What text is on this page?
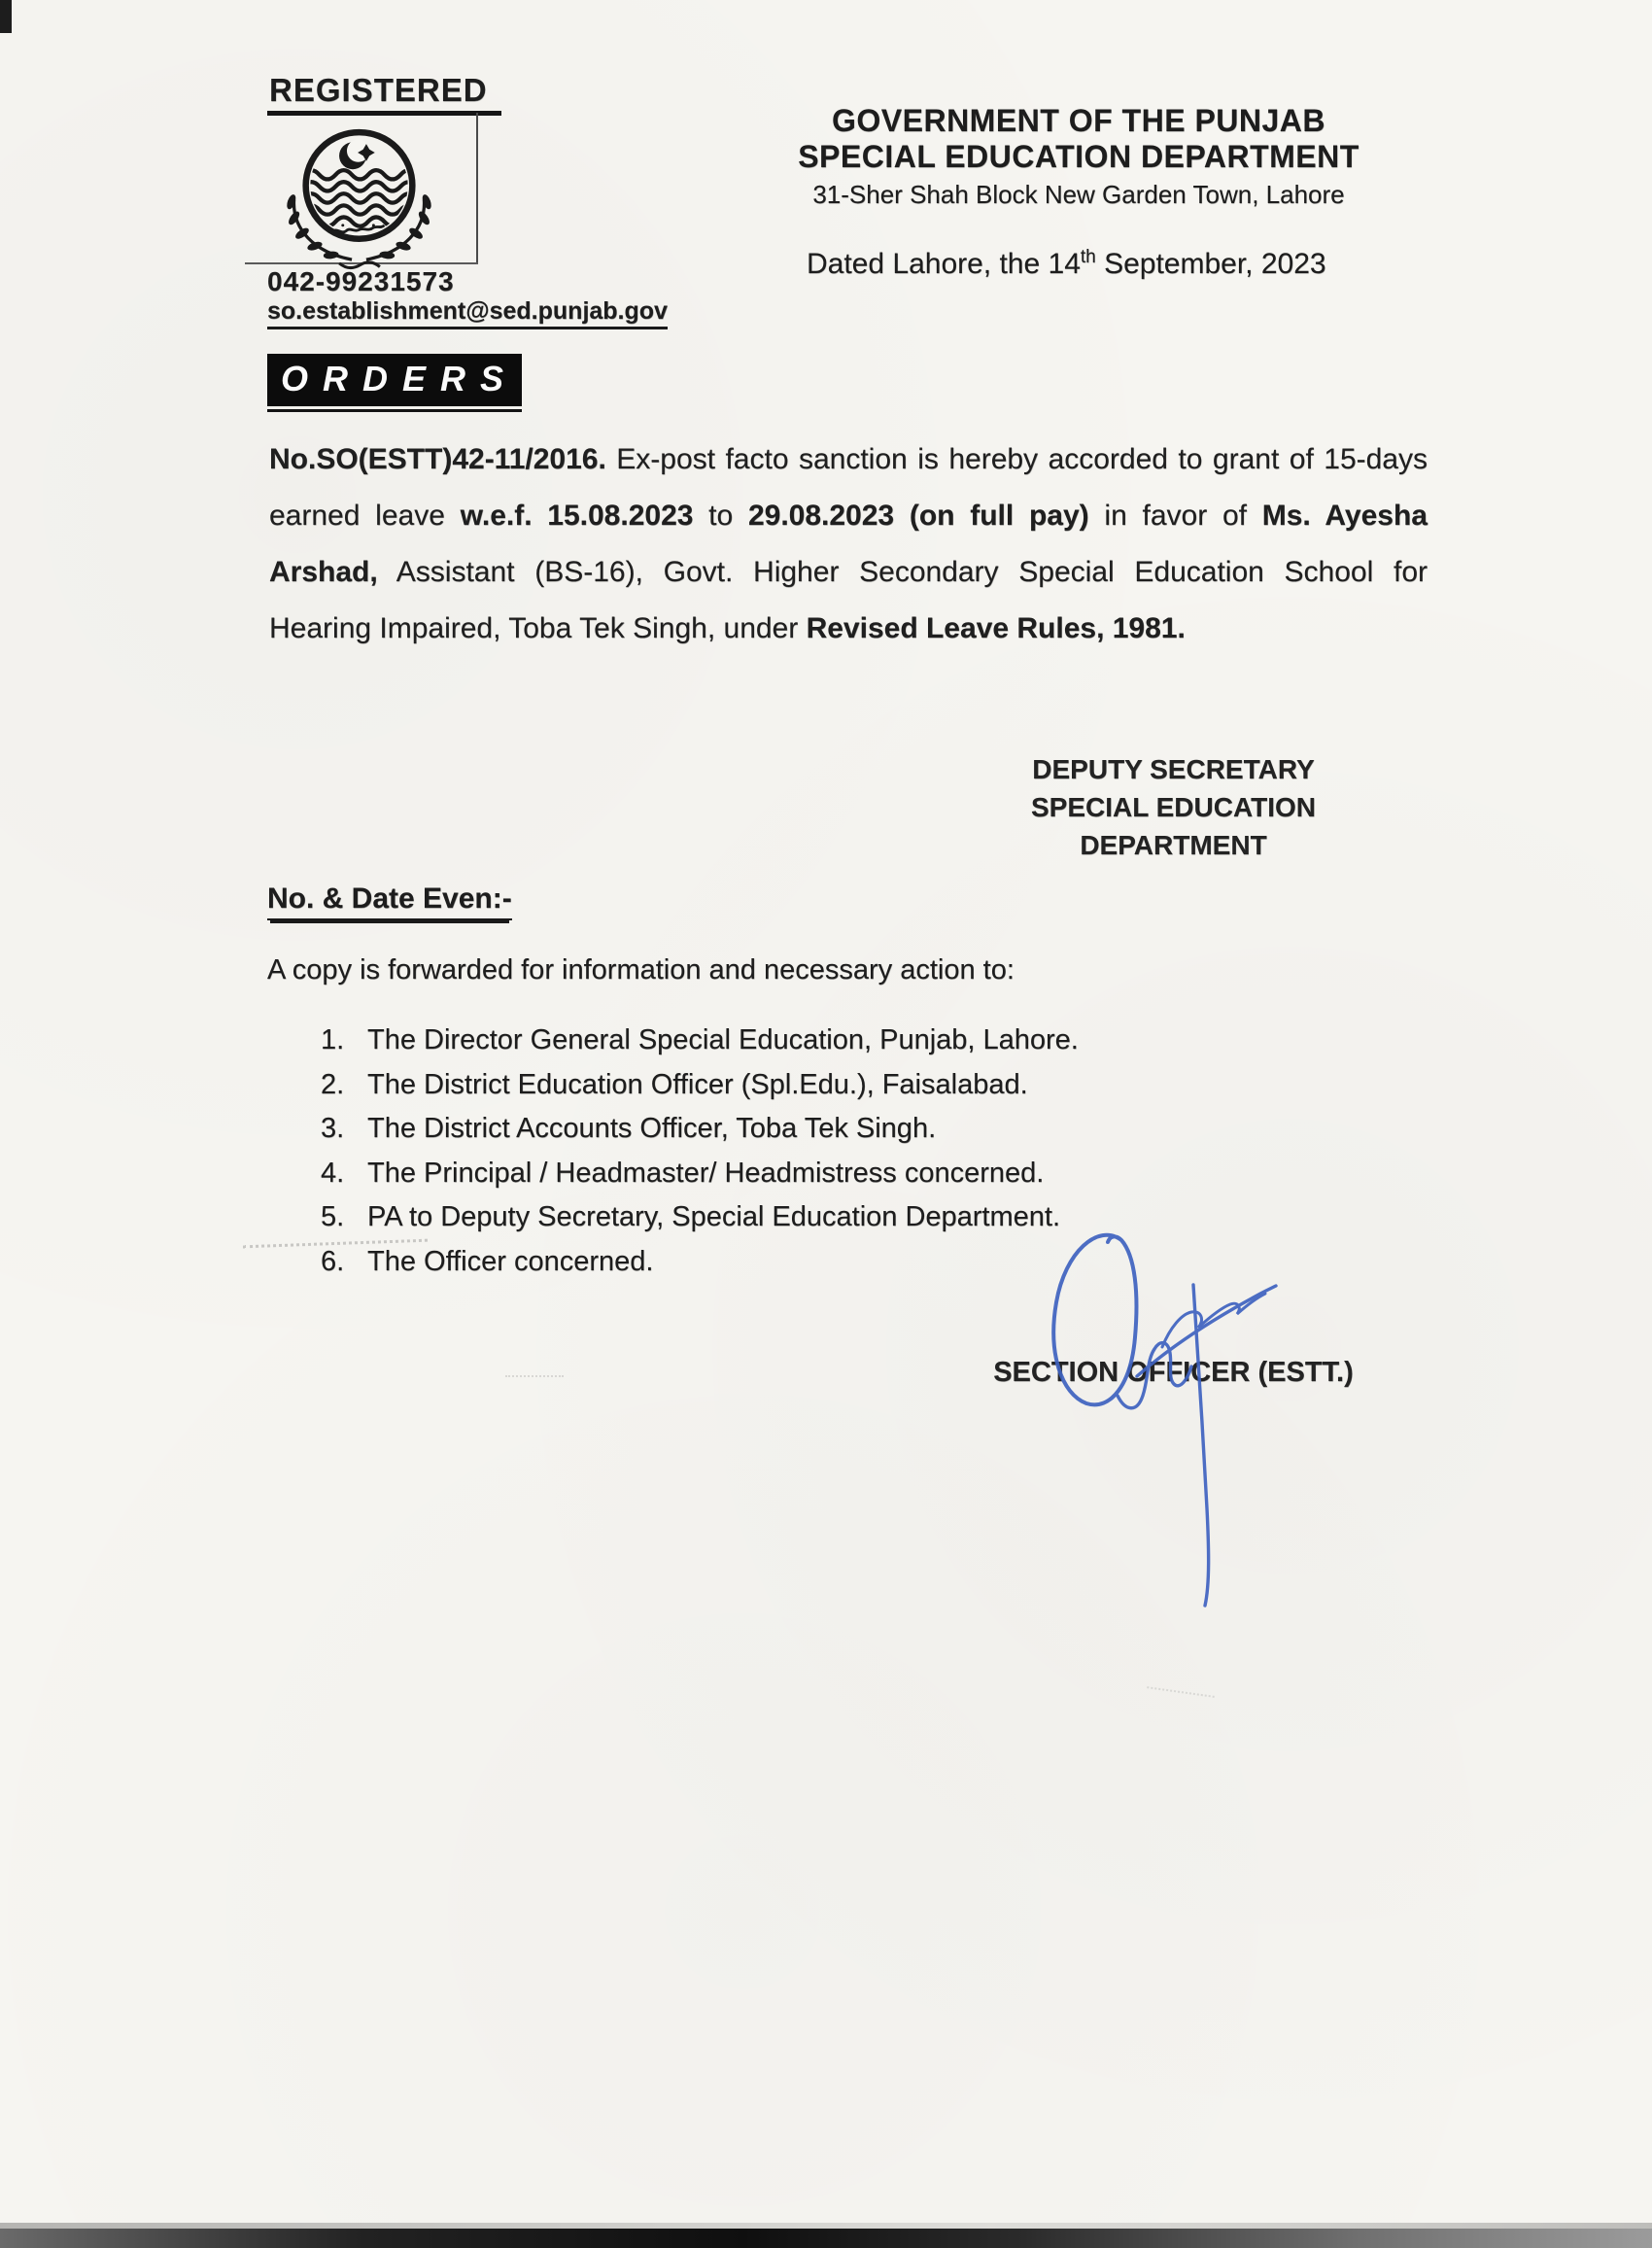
REGISTERED
042-99231573
so.establishment@sed.punjab.gov
GOVERNMENT OF THE PUNJAB
SPECIAL EDUCATION DEPARTMENT
31-Sher Shah Block New Garden Town, Lahore
Dated Lahore, the 14th September, 2023
ORDERS
No.SO(ESTT)42-11/2016. Ex-post facto sanction is hereby accorded to grant of 15-days earned leave w.e.f. 15.08.2023 to 29.08.2023 (on full pay) in favor of Ms. Ayesha Arshad, Assistant (BS-16), Govt. Higher Secondary Special Education School for Hearing Impaired, Toba Tek Singh, under Revised Leave Rules, 1981.
DEPUTY SECRETARY
SPECIAL EDUCATION
DEPARTMENT
No. & Date Even:-
A copy is forwarded for information and necessary action to:
1. The Director General Special Education, Punjab, Lahore.
2. The District Education Officer (Spl.Edu.), Faisalabad.
3. The District Accounts Officer, Toba Tek Singh.
4. The Principal / Headmaster/ Headmistress concerned.
5. PA to Deputy Secretary, Special Education Department.
6. The Officer concerned.
SECTION OFFICER (ESTT.)
